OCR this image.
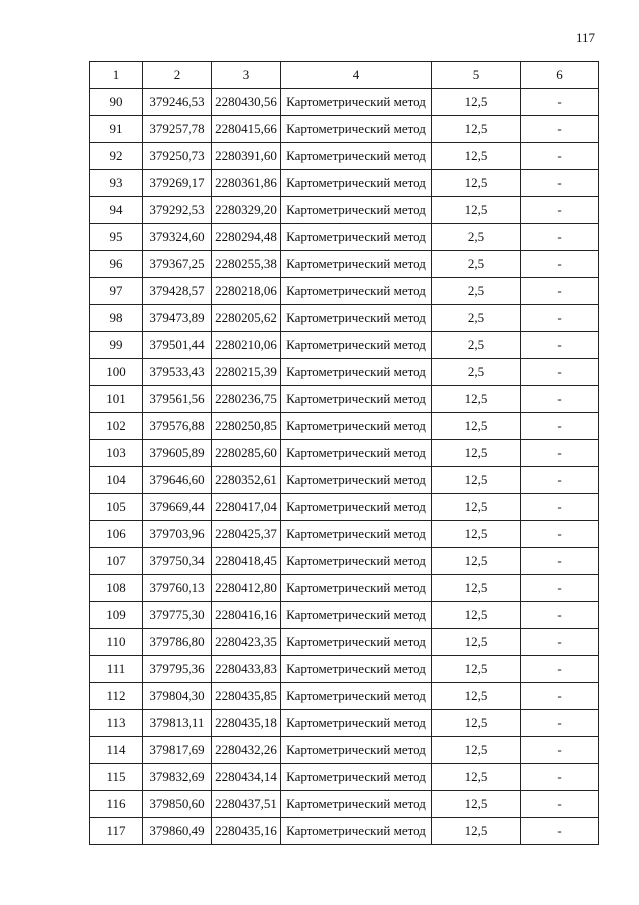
117
1	2	3	4	5	6
90	379246,53	2280430,56	Картометрический метод	12,5	-
91	379257,78	2280415,66	Картометрический метод	12,5	-
92	379250,73	2280391,60	Картометрический метод	12,5	-
93	379269,17	2280361,86	Картометрический метод	12,5	-
94	379292,53	2280329,20	Картометрический метод	12,5	-
95	379324,60	2280294,48	Картометрический метод	2,5	-
96	379367,25	2280255,38	Картометрический метод	2,5	-
97	379428,57	2280218,06	Картометрический метод	2,5	-
98	379473,89	2280205,62	Картометрический метод	2,5	-
99	379501,44	2280210,06	Картометрический метод	2,5	-
100	379533,43	2280215,39	Картометрический метод	2,5	-
101	379561,56	2280236,75	Картометрический метод	12,5	-
102	379576,88	2280250,85	Картометрический метод	12,5	-
103	379605,89	2280285,60	Картометрический метод	12,5	-
104	379646,60	2280352,61	Картометрический метод	12,5	-
105	379669,44	2280417,04	Картометрический метод	12,5	-
106	379703,96	2280425,37	Картометрический метод	12,5	-
107	379750,34	2280418,45	Картометрический метод	12,5	-
108	379760,13	2280412,80	Картометрический метод	12,5	-
109	379775,30	2280416,16	Картометрический метод	12,5	-
110	379786,80	2280423,35	Картометрический метод	12,5	-
111	379795,36	2280433,83	Картометрический метод	12,5	-
112	379804,30	2280435,85	Картометрический метод	12,5	-
113	379813,11	2280435,18	Картометрический метод	12,5	-
114	379817,69	2280432,26	Картометрический метод	12,5	-
115	379832,69	2280434,14	Картометрический метод	12,5	-
116	379850,60	2280437,51	Картометрический метод	12,5	-
117	379860,49	2280435,16	Картометрический метод	12,5	-
